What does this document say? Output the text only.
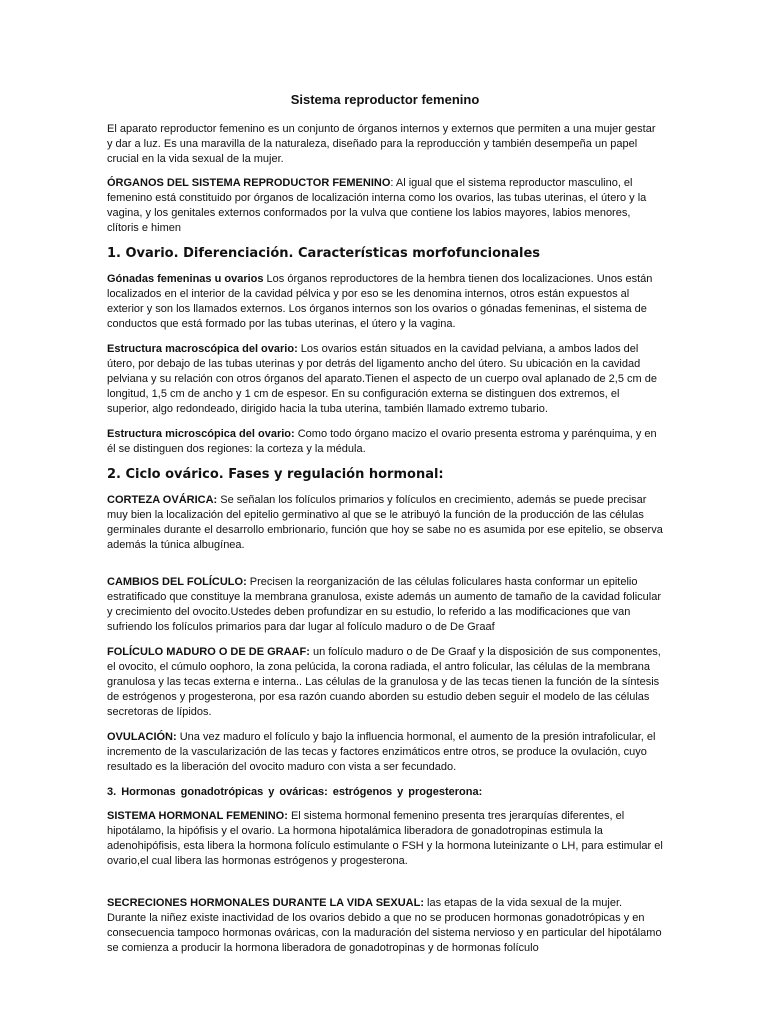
Sistema reproductor femenino

El aparato reproductor femenino es un conjunto de órganos internos y externos que permiten a una mujer gestar y dar a luz. Es una maravilla de la naturaleza, diseñado para la reproducción y también desempeña un papel crucial en la vida sexual de la mujer.

ÓRGANOS DEL SISTEMA REPRODUCTOR FEMENINO: Al igual que el sistema reproductor masculino, el femenino está constituido por órganos de localización interna como los ovarios, las tubas uterinas, el útero y la vagina, y los genitales externos conformados por la vulva que contiene los labios mayores, labios menores, clítoris e himen

1. Ovario. Diferenciación. Características morfofuncionales

Gónadas femeninas u ovarios Los órganos reproductores de la hembra tienen dos localizaciones. Unos están localizados en el interior de la cavidad pélvica y por eso se les denomina internos, otros están expuestos al exterior y son los llamados externos. Los órganos internos son los ovarios o gónadas femeninas, el sistema de conductos que está formado por las tubas uterinas, el útero y la vagina.

Estructura macroscópica del ovario: Los ovarios están situados en la cavidad pelviana, a ambos lados del útero, por debajo de las tubas uterinas y por detrás del ligamento ancho del útero. Su ubicación en la cavidad pelviana y su relación con otros órganos del aparato.Tienen el aspecto de un cuerpo oval aplanado de 2,5 cm de longitud, 1,5 cm de ancho y 1 cm de espesor. En su configuración externa se distinguen dos extremos, el superior, algo redondeado, dirigido hacia la tuba uterina, también llamado extremo tubario.

Estructura microscópica del ovario: Como todo órgano macizo el ovario presenta estroma y parénquima, y en él se distinguen dos regiones: la corteza y la médula.

2. Ciclo ovárico. Fases y regulación hormonal:

CORTEZA OVÁRICA: Se señalan los folículos primarios y folículos en crecimiento, además se puede precisar muy bien la localización del epitelio germinativo al que se le atribuyó la función de la producción de las células germinales durante el desarrollo embrionario, función que hoy se sabe no es asumida por ese epitelio, se observa además la túnica albugínea.

CAMBIOS DEL FOLÍCULO: Precisen la reorganización de las células foliculares hasta conformar un epitelio estratificado que constituye la membrana granulosa, existe además un aumento de tamaño de la cavidad folicular y crecimiento del ovocito.Ustedes deben profundizar en su estudio, lo referido a las modificaciones que van sufriendo los folículos primarios para dar lugar al folículo maduro o de De Graaf

FOLÍCULO MADURO O DE DE GRAAF: un folículo maduro o de De Graaf y la disposición de sus componentes, el ovocito, el cúmulo oophoro, la zona pelúcida, la corona radiada, el antro folicular, las células de la membrana granulosa y las tecas externa e interna.. Las células de la granulosa y de las tecas tienen la función de la síntesis de estrógenos y progesterona, por esa razón cuando aborden su estudio deben seguir el modelo de las células secretoras de lípidos.

OVULACIÓN: Una vez maduro el folículo y bajo la influencia hormonal, el aumento de la presión intrafolicular, el incremento de la vascularización de las tecas y factores enzimáticos entre otros, se produce la ovulación, cuyo resultado es la liberación del ovocito maduro con vista a ser fecundado.

3. Hormonas gonadotrópicas y ováricas: estrógenos y progesterona:

SISTEMA HORMONAL FEMENINO: El sistema hormonal femenino presenta tres jerarquías diferentes, el hipotálamo, la hipófisis y el ovario. La hormona hipotalámica liberadora de gonadotropinas estimula la adenohipófisis, esta libera la hormona folículo estimulante o FSH y la hormona luteinizante o LH, para estimular el ovario,el cual libera las hormonas estrógenos y progesterona.

SECRECIONES HORMONALES DURANTE LA VIDA SEXUAL: las etapas de la vida sexual de la mujer. Durante la niñez existe inactividad de los ovarios debido a que no se producen hormonas gonadotrópicas y en consecuencia tampoco hormonas ováricas, con la maduración del sistema nervioso y en particular del hipotálamo se comienza a producir la hormona liberadora de gonadotropinas y de hormonas folículo
